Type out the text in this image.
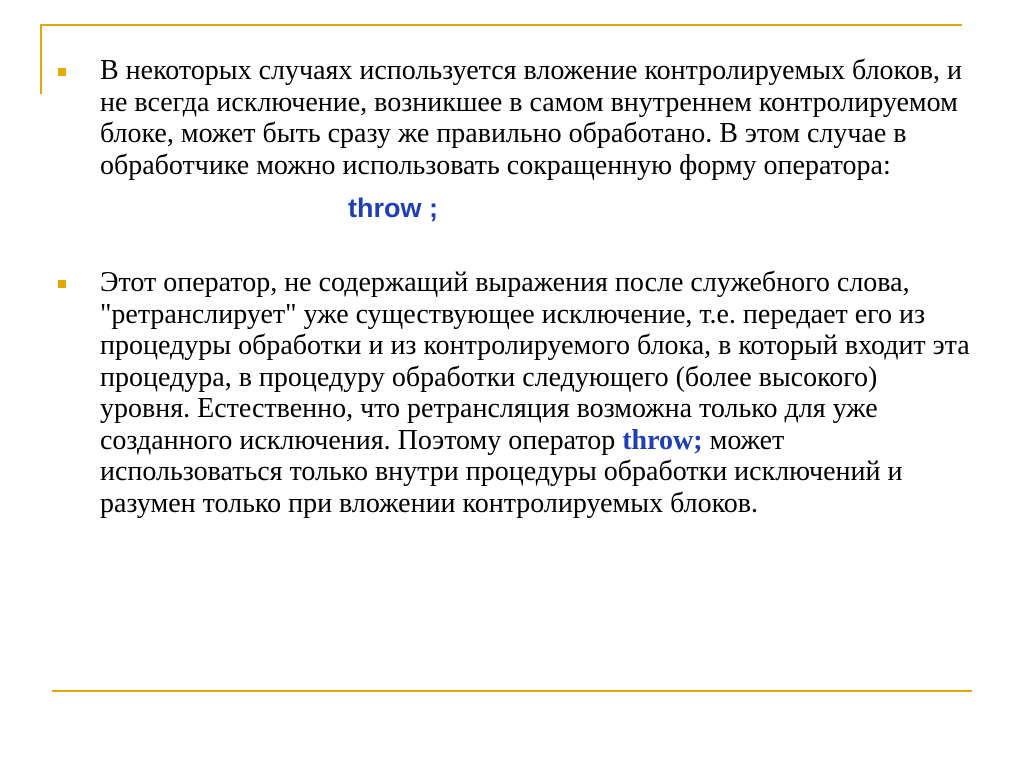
В некоторых случаях используется вложение контролируемых блоков, и не всегда исключение, возникшее в самом внутреннем контролируемом блоке, может быть сразу же правильно обработано. В этом случае в обработчике можно использовать сокращенную форму оператора:
throw ;
Этот оператор, не содержащий выражения после служебного слова, "ретранслирует" уже существующее исключение, т.е. передает его из процедуры обработки и из контролируемого блока, в который входит эта процедура, в процедуру обработки следующего (более высокого) уровня. Естественно, что ретрансляция возможна только для уже созданного исключения. Поэтому оператор throw; может использоваться только внутри процедуры обработки исключений и разумен только при вложении контролируемых блоков.
